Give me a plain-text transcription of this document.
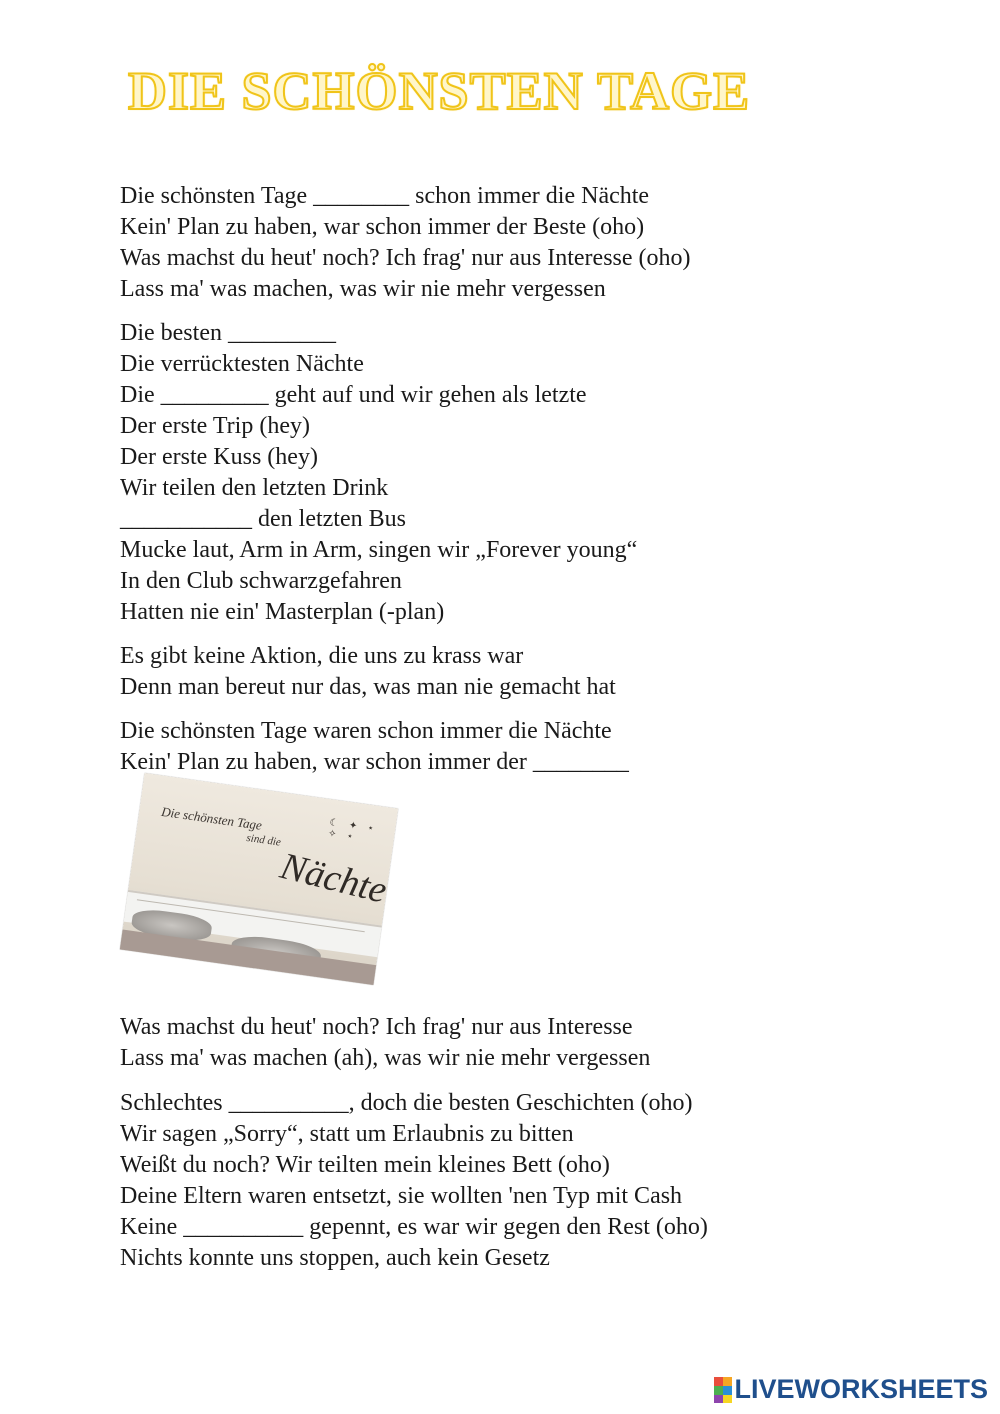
DIE SCHÖNSTEN TAGE

Die schönsten Tage ________ schon immer die Nächte
Kein' Plan zu haben, war schon immer der Beste (oho)
Was machst du heut' noch? Ich frag' nur aus Interesse (oho)
Lass ma' was machen, was wir nie mehr vergessen

Die besten _________
Die verrücktesten Nächte
Die _________ geht auf und wir gehen als letzte
Der erste Trip (hey)
Der erste Kuss (hey)
Wir teilen den letzten Drink
___________ den letzten Bus
Mucke laut, Arm in Arm, singen wir „Forever young“
In den Club schwarzgefahren
Hatten nie ein' Masterplan (-plan)

Es gibt keine Aktion, die uns zu krass war
Denn man bereut nur das, was man nie gemacht hat

Die schönsten Tage waren schon immer die Nächte
Kein' Plan zu haben, war schon immer der ________

Die schönsten Tage
sind die
☾ ✦ ⋆ ✧ ⋆
Nächte

Was machst du heut' noch? Ich frag' nur aus Interesse
Lass ma' was machen (ah), was wir nie mehr vergessen

Schlechtes __________, doch die besten Geschichten (oho)
Wir sagen „Sorry“, statt um Erlaubnis zu bitten
Weißt du noch? Wir teilten mein kleines Bett (oho)
Deine Eltern waren entsetzt, sie wollten 'nen Typ mit Cash
Keine __________ gepennt, es war wir gegen den Rest (oho)
Nichts konnte uns stoppen, auch kein Gesetz

LIVEWORKSHEETS
